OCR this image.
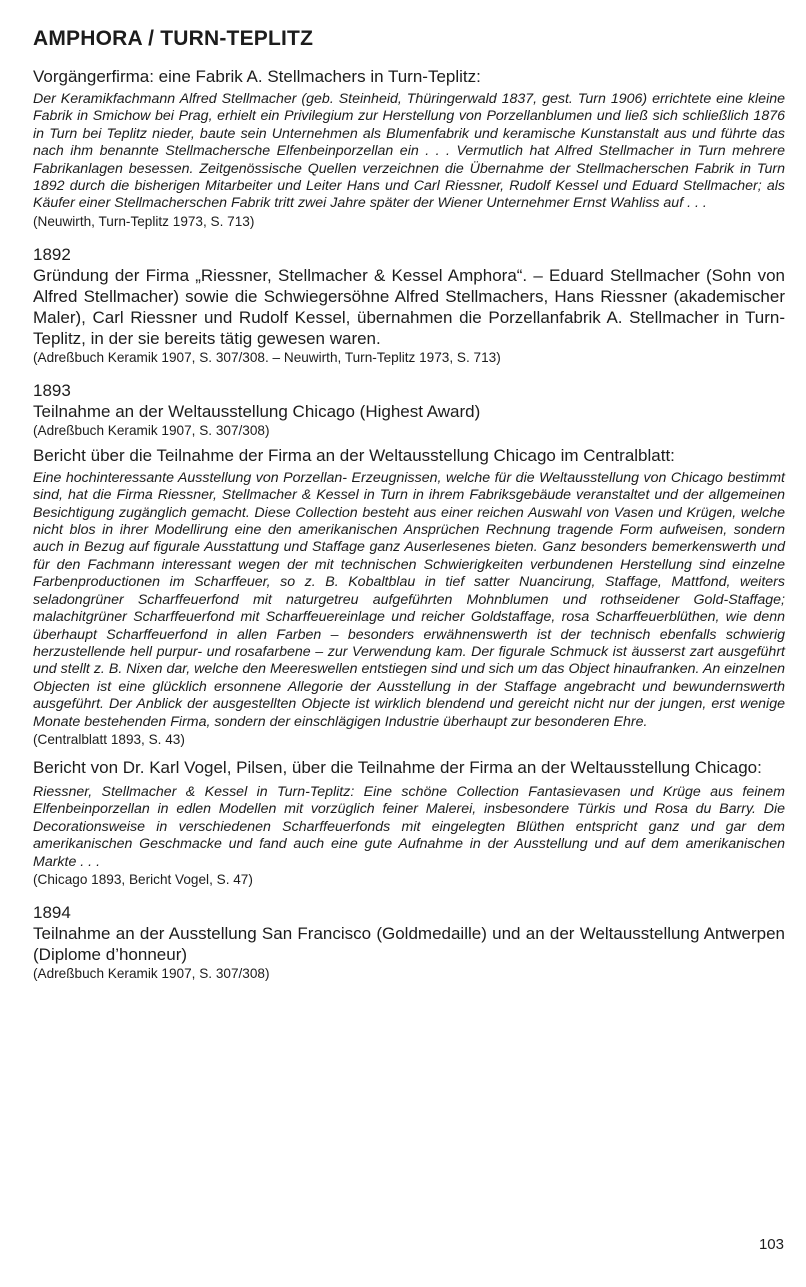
AMPHORA / TURN-TEPLITZ

Vorgängerfirma: eine Fabrik A. Stellmachers in Turn-Teplitz:

Der Keramikfachmann Alfred Stellmacher (geb. Steinheid, Thüringerwald 1837, gest. Turn 1906) errichtete eine kleine Fabrik in Smichow bei Prag, erhielt ein Privilegium zur Herstellung von Porzellanblumen und ließ sich schließlich 1876 in Turn bei Teplitz nieder, baute sein Unternehmen als Blumenfabrik und keramische Kunstanstalt aus und führte das nach ihm benannte Stellmachersche Elfenbeinporzellan ein . . . Vermutlich hat Alfred Stellmacher in Turn mehrere Fabrikanlagen besessen. Zeitgenössische Quellen verzeichnen die Übernahme der Stellmacherschen Fabrik in Turn 1892 durch die bisherigen Mitarbeiter und Leiter Hans und Carl Riessner, Rudolf Kessel und Eduard Stellmacher; als Käufer einer Stellmacherschen Fabrik tritt zwei Jahre später der Wiener Unternehmer Ernst Wahliss auf . . .

(Neuwirth, Turn-Teplitz 1973, S. 713)

1892

Gründung der Firma „Riessner, Stellmacher & Kessel Amphora“. – Eduard Stellmacher (Sohn von Alfred Stellmacher) sowie die Schwiegersöhne Alfred Stellmachers, Hans Riessner (akademischer Maler), Carl Riessner und Rudolf Kessel, übernahmen die Porzellanfabrik A. Stellmacher in Turn-Teplitz, in der sie bereits tätig gewesen waren.

(Adreßbuch Keramik 1907, S. 307/308. – Neuwirth, Turn-Teplitz 1973, S. 713)

1893

Teilnahme an der Weltausstellung Chicago (Highest Award)

(Adreßbuch Keramik 1907, S. 307/308)

Bericht über die Teilnahme der Firma an der Weltausstellung Chicago im Centralblatt:

Eine hochinteressante Ausstellung von Porzellan- Erzeugnissen, welche für die Weltausstellung von Chicago bestimmt sind, hat die Firma Riessner, Stellmacher & Kessel in Turn in ihrem Fabriksgebäude veranstaltet und der allgemeinen Besichtigung zugänglich gemacht. Diese Collection besteht aus einer reichen Auswahl von Vasen und Krügen, welche nicht blos in ihrer Modellirung eine den amerikanischen Ansprüchen Rechnung tragende Form aufweisen, sondern auch in Bezug auf figurale Ausstattung und Staffage ganz Auserlesenes bieten. Ganz besonders bemerkenswerth und für den Fachmann interessant wegen der mit technischen Schwierigkeiten verbundenen Herstellung sind einzelne Farbenproductionen im Scharffeuer, so z. B. Kobaltblau in tief satter Nuancirung, Staffage, Mattfond, weiters seladongrüner Scharffeuerfond mit naturgetreu aufgeführten Mohnblumen und rothseidener Gold-Staffage; malachitgrüner Scharffeuerfond mit Scharffeuereinlage und reicher Goldstaffage, rosa Scharffeuerblüthen, wie denn überhaupt Scharffeuerfond in allen Farben – besonders erwähnenswerth ist der technisch ebenfalls schwierig herzustellende hell purpur- und rosafarbene – zur Verwendung kam. Der figurale Schmuck ist äusserst zart ausgeführt und stellt z. B. Nixen dar, welche den Meereswellen entstiegen sind und sich um das Object hinaufranken. An einzelnen Objecten ist eine glücklich ersonnene Allegorie der Ausstellung in der Staffage angebracht und bewundernswerth ausgeführt. Der Anblick der ausgestellten Objecte ist wirklich blendend und gereicht nicht nur der jungen, erst wenige Monate bestehenden Firma, sondern der einschlägigen Industrie überhaupt zur besonderen Ehre.

(Centralblatt 1893, S. 43)

Bericht von Dr. Karl Vogel, Pilsen, über die Teilnahme der Firma an der Weltausstellung Chicago:

Riessner, Stellmacher & Kessel in Turn-Teplitz: Eine schöne Collection Fantasievasen und Krüge aus feinem Elfenbeinporzellan in edlen Modellen mit vorzüglich feiner Malerei, insbesondere Türkis und Rosa du Barry. Die Decorationsweise in verschiedenen Scharffeuerfonds mit eingelegten Blüthen entspricht ganz und gar dem amerikanischen Geschmacke und fand auch eine gute Aufnahme in der Ausstellung und auf dem amerikanischen Markte . . .

(Chicago 1893, Bericht Vogel, S. 47)

1894

Teilnahme an der Ausstellung San Francisco (Goldmedaille) und an der Weltausstellung Antwerpen (Diplome d’honneur)

(Adreßbuch Keramik 1907, S. 307/308)

103
